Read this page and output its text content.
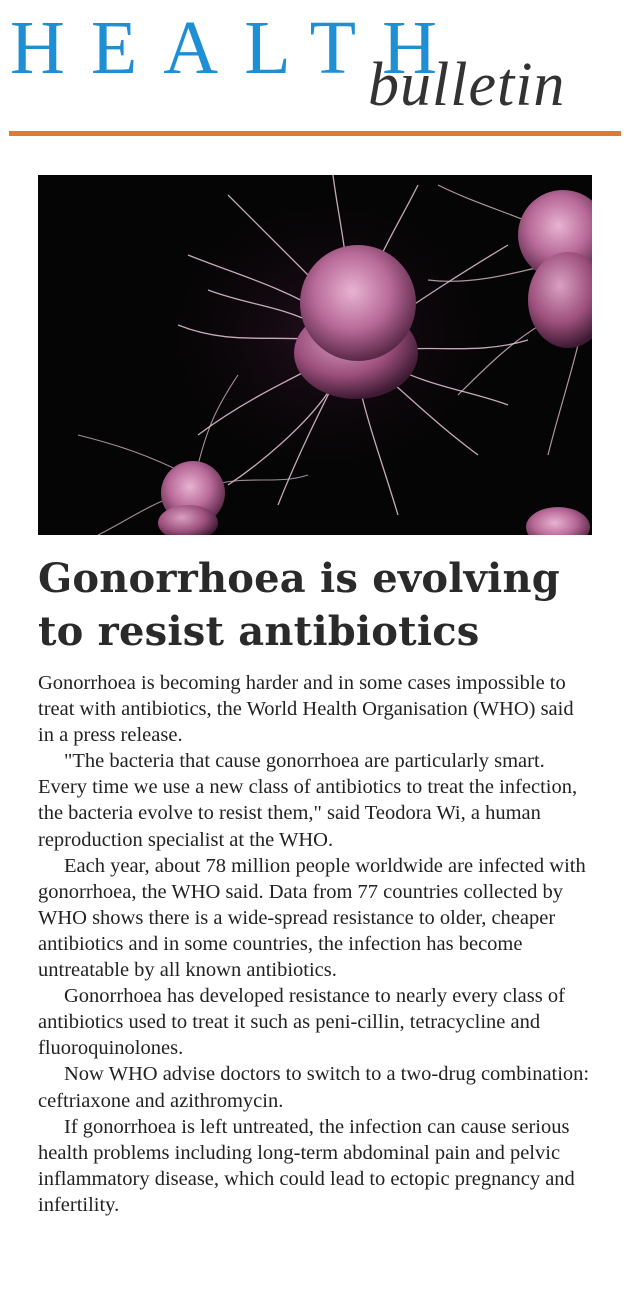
HEALTH
bulletin
Gonorrhoea is evolving
to resist antibiotics

Gonorrhoea is becoming harder and in some cases impossible to treat with antibiotics, the World Health Organisation (WHO) said in a press release.

"The bacteria that cause gonorrhoea are particularly smart. Every time we use a new class of antibiotics to treat the infection, the bacteria evolve to resist them," said Teodora Wi, a human reproduction specialist at the WHO.

Each year, about 78 million people worldwide are infected with gonorrhoea, the WHO said. Data from 77 countries collected by WHO shows there is a wide-spread resistance to older, cheaper antibiotics and in some countries, the infection has become untreatable by all known antibiotics.

Gonorrhoea has developed resistance to nearly every class of antibiotics used to treat it such as peni-cillin, tetracycline and fluoroquinolones.

Now WHO advise doctors to switch to a two-drug combination: ceftriaxone and azithromycin.

If gonorrhoea is left untreated, the infection can cause serious health problems including long-term abdominal pain and pelvic inflammatory disease, which could lead to ectopic pregnancy and infertility.
